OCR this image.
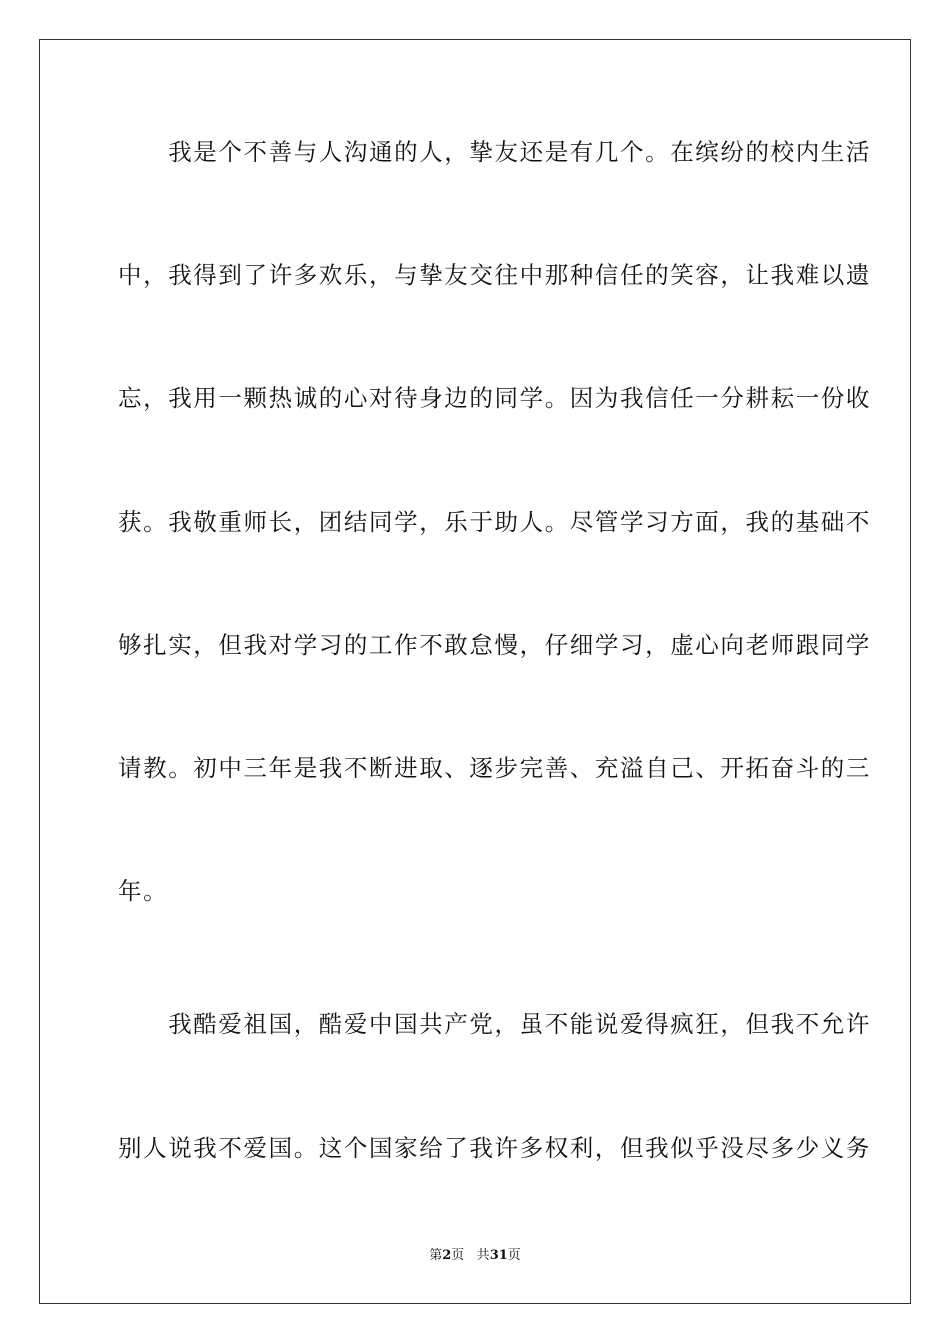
　　我是个不善与人沟通的人，挚友还是有几个。在缤纷的校内生活
中，我得到了许多欢乐，与挚友交往中那种信任的笑容，让我难以遗
忘，我用一颗热诚的心对待身边的同学。因为我信任一分耕耘一份收
获。我敬重师长，团结同学，乐于助人。尽管学习方面，我的基础不
够扎实，但我对学习的工作不敢怠慢，仔细学习，虚心向老师跟同学
请教。初中三年是我不断进取、逐步完善、充溢自己、开拓奋斗的三
年。
　　我酷爱祖国，酷爱中国共产党，虽不能说爱得疯狂，但我不允许
别人说我不爱国。这个国家给了我许多权利，但我似乎没尽多少义务
第2页 共31页
